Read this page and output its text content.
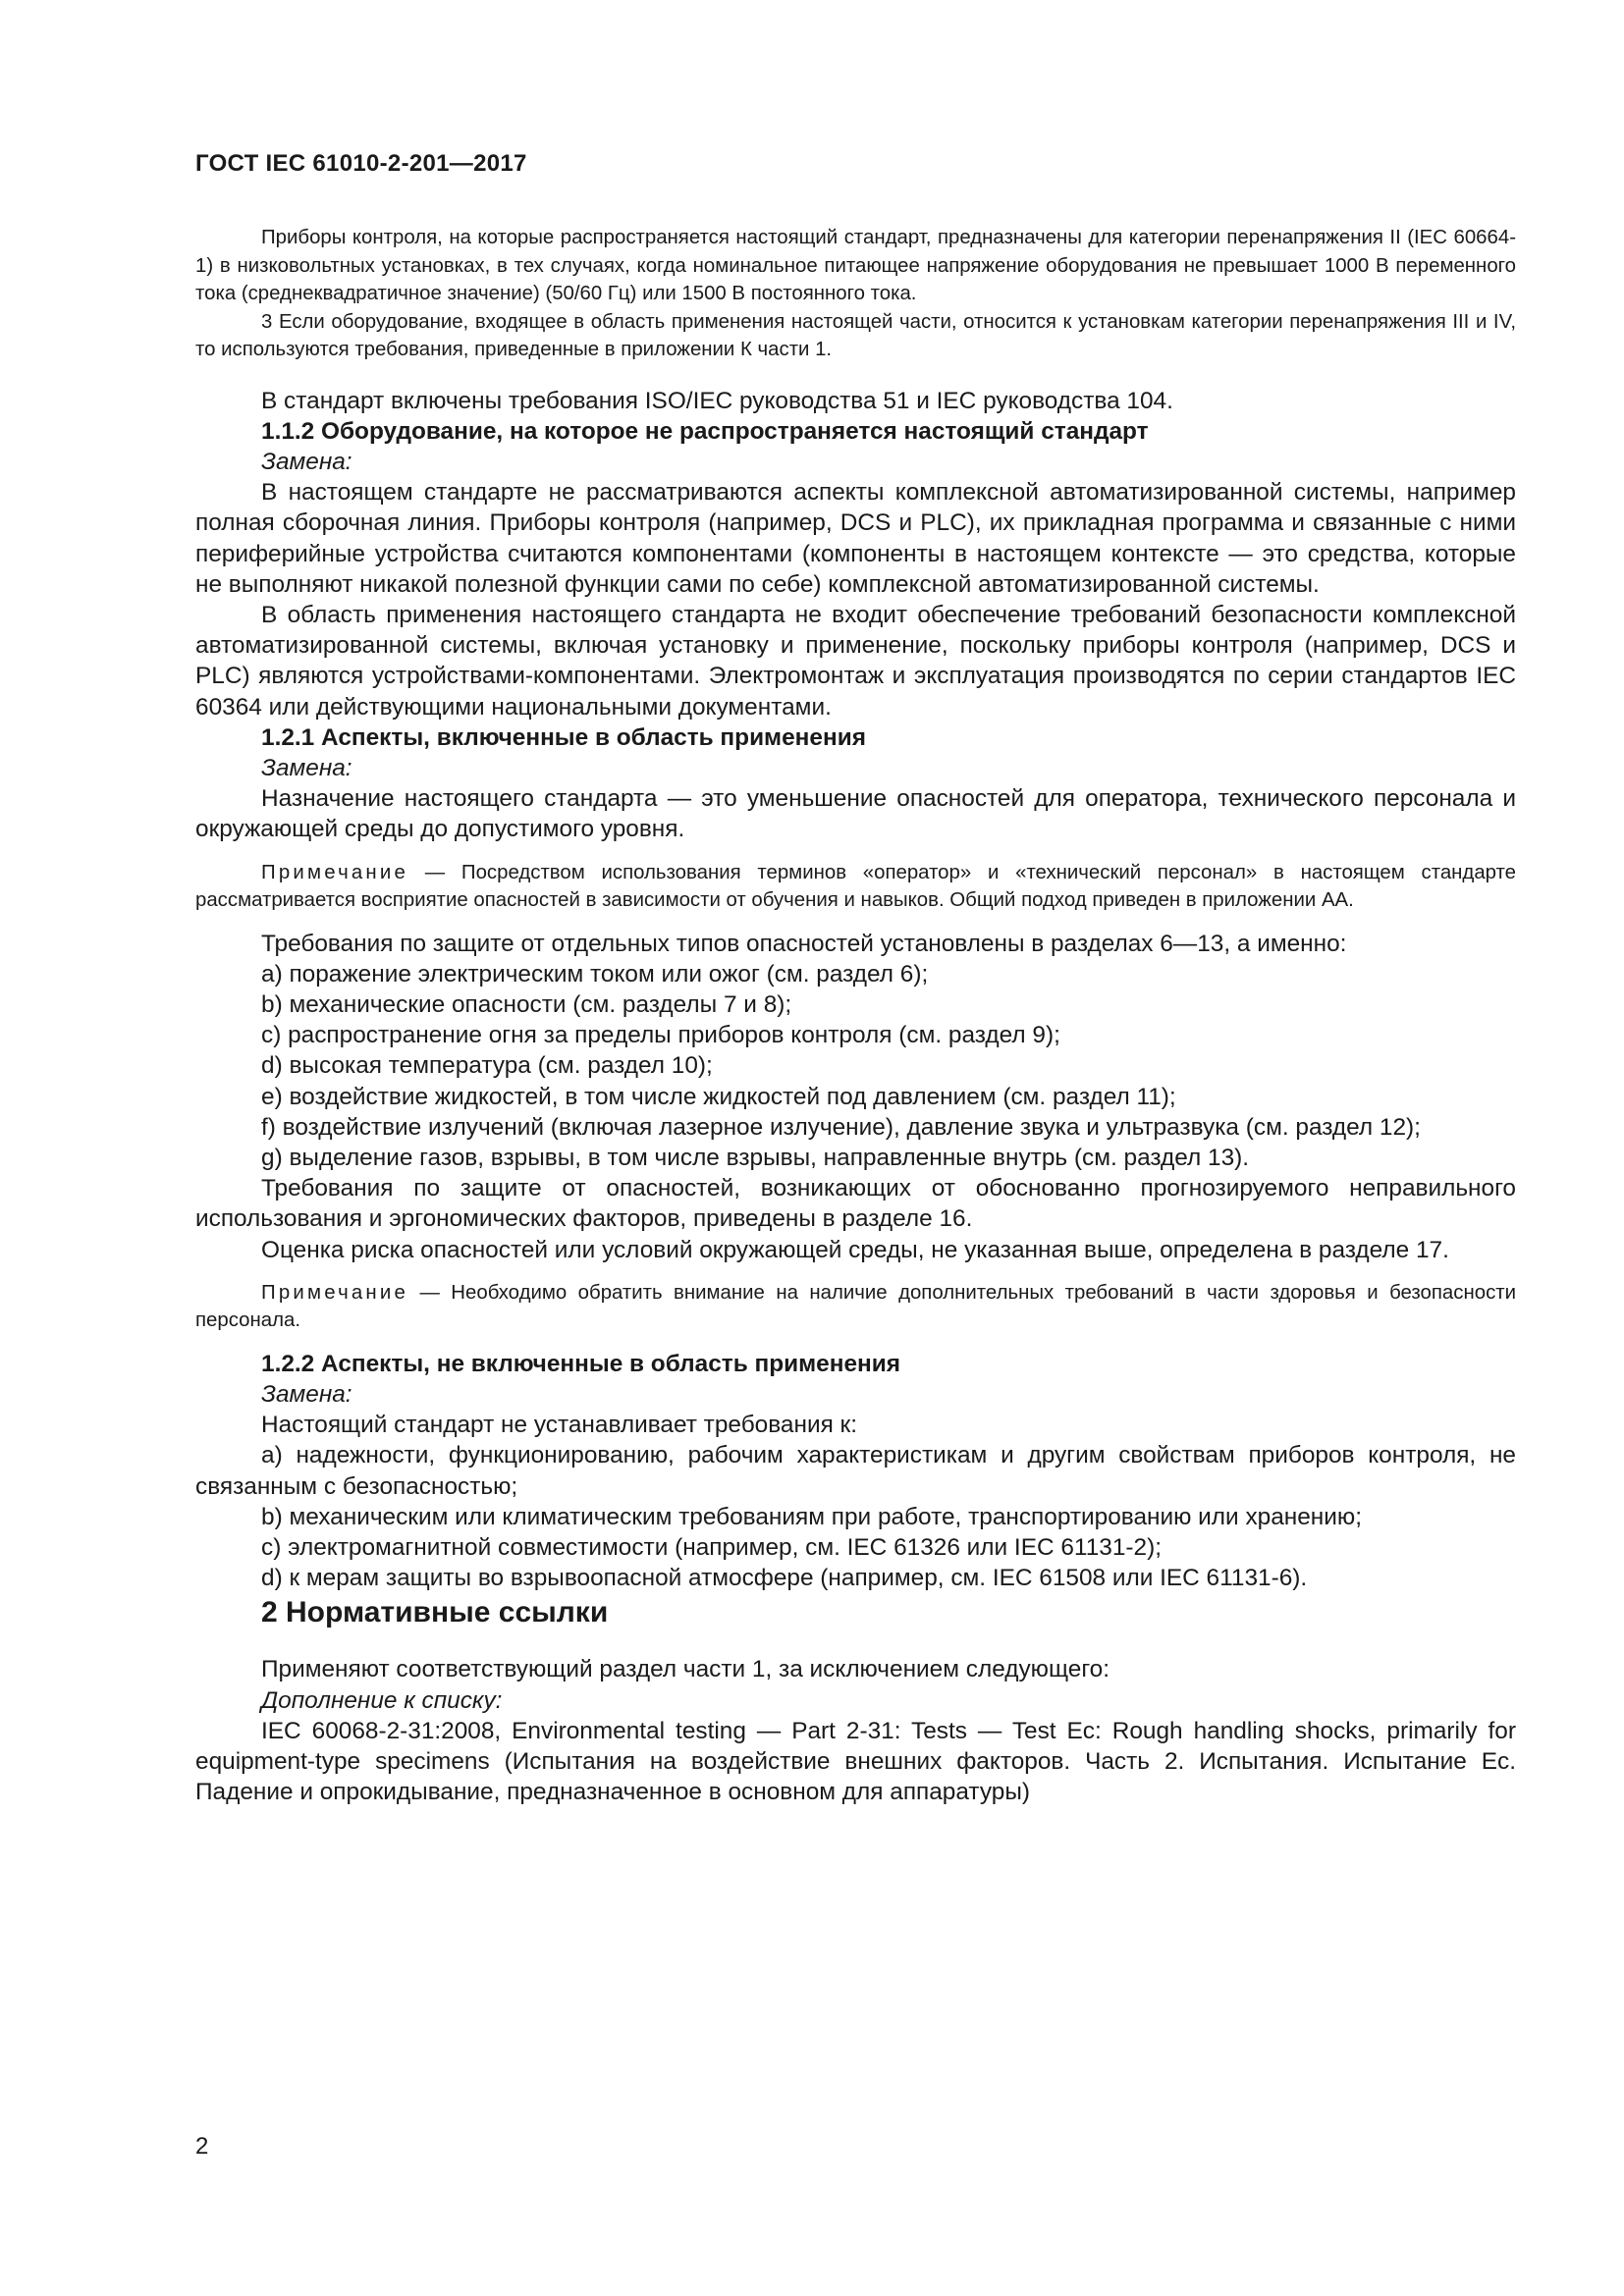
ГОСТ IEC 61010-2-201—2017

Приборы контроля, на которые распространяется настоящий стандарт, предназначены для категории перенапряжения II (IEC 60664-1) в низковольтных установках, в тех случаях, когда номинальное питающее напряжение оборудования не превышает 1000 В переменного тока (среднеквадратичное значение) (50/60 Гц) или 1500 В постоянного тока.

3 Если оборудование, входящее в область применения настоящей части, относится к установкам категории перенапряжения III и IV, то используются требования, приведенные в приложении К части 1.

В стандарт включены требования ISO/IEC руководства 51 и IEC руководства 104.

1.1.2 Оборудование, на которое не распространяется настоящий стандарт

Замена:

В настоящем стандарте не рассматриваются аспекты комплексной автоматизированной системы, например полная сборочная линия. Приборы контроля (например, DCS и PLC), их прикладная программа и связанные с ними периферийные устройства считаются компонентами (компоненты в настоящем контексте — это средства, которые не выполняют никакой полезной функции сами по себе) комплексной автоматизированной системы.

В область применения настоящего стандарта не входит обеспечение требований безопасности комплексной автоматизированной системы, включая установку и применение, поскольку приборы контроля (например, DCS и PLC) являются устройствами-компонентами. Электромонтаж и эксплуатация производятся по серии стандартов IEC 60364 или действующими национальными документами.

1.2.1 Аспекты, включенные в область применения

Замена:

Назначение настоящего стандарта — это уменьшение опасностей для оператора, технического персонала и окружающей среды до допустимого уровня.

Примечание — Посредством использования терминов «оператор» и «технический персонал» в настоящем стандарте рассматривается восприятие опасностей в зависимости от обучения и навыков. Общий подход приведен в приложении АА.

Требования по защите от отдельных типов опасностей установлены в разделах 6—13, а именно:

a) поражение электрическим током или ожог (см. раздел 6);

b) механические опасности (см. разделы 7 и 8);

c) распространение огня за пределы приборов контроля (см. раздел 9);

d) высокая температура (см. раздел 10);

e) воздействие жидкостей, в том числе жидкостей под давлением (см. раздел 11);

f) воздействие излучений (включая лазерное излучение), давление звука и ультразвука (см. раздел 12);

g) выделение газов, взрывы, в том числе взрывы, направленные внутрь (см. раздел 13).

Требования по защите от опасностей, возникающих от обоснованно прогнозируемого неправильного использования и эргономических факторов, приведены в разделе 16.

Оценка риска опасностей или условий окружающей среды, не указанная выше, определена в разделе 17.

Примечание — Необходимо обратить внимание на наличие дополнительных требований в части здоровья и безопасности персонала.

1.2.2 Аспекты, не включенные в область применения

Замена:

Настоящий стандарт не устанавливает требования к:

a) надежности, функционированию, рабочим характеристикам и другим свойствам приборов контроля, не связанным с безопасностью;

b) механическим или климатическим требованиям при работе, транспортированию или хранению;

c) электромагнитной совместимости (например, см. IEC 61326 или IEC 61131-2);

d) к мерам защиты во взрывоопасной атмосфере (например, см. IEC 61508 или IEC 61131-6).

2 Нормативные ссылки

Применяют соответствующий раздел части 1, за исключением следующего:

Дополнение к списку:

IEC 60068-2-31:2008, Environmental testing — Part 2-31: Tests — Test Ec: Rough handling shocks, primarily for equipment-type specimens (Испытания на воздействие внешних факторов. Часть 2. Испытания. Испытание Ec. Падение и опрокидывание, предназначенное в основном для аппаратуры)

2
